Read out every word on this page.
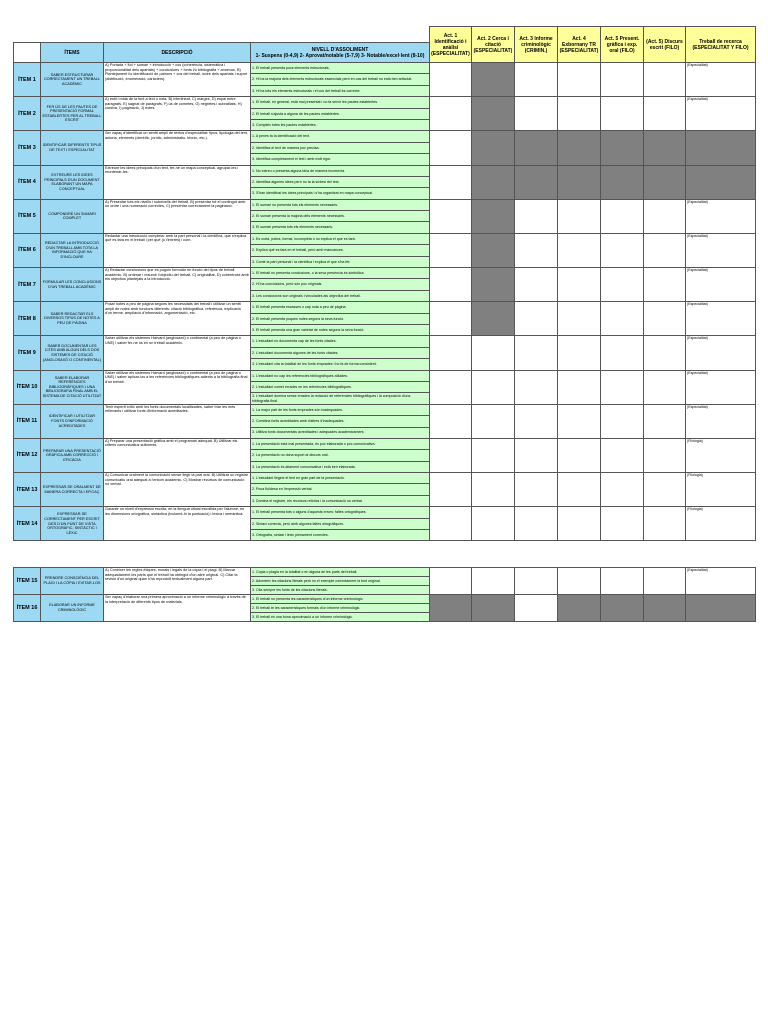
				Act. 1 Identificació i anàlisi (ESPECIALITAT)	Act. 2 Cerca i citació (ESPECIALITAT)	Act. 3 Informe criminològic (CRIMIN.)	Act. 4 Exbornany TR (ESPECIALITAT)	Act. 5 Present. gràfica i exp. oral (FILO)	(Act. 5) Discurs escrit (FILO)	Treball de recerca (ESPECIALITAT Y FILO)
	ÍTEMS	DESCRIPCIÓ	NIVELL D'ASSOLIMENT
1- Suspens (0-4,9) 2- Aprovat/notable (5-7,9) 3- Notable/excel·lent (8-10)							

ÍTEM 1	SABER ESTRUCTURAR CORRECTAMENT UN TREBALL ACADÈMIC	A) Portada + Ítol + sumari + introducció + cos (coherència, sistemàtica i proporcionalitat dels apartats) + conclusions + fonts i/o bibliografia + annexos. B) Plantejament i/o identificació de patrons + cos del treball, ordre dels apartats i suport (distribució, enumeració, caràcters).	1. El treball presenta pocs elements estructurals.							(Especialitat)
			2. Hi ha la majoria dels elements estructurals essencials però en cas del treball no està ben articulat.							
			3. Hi ha tots els elements estructurals i el cos del treball és correcte.							
ÍTEM 2	FER ÚS DE LES PAUTES DE PRESENTACIÓ FORMAL ESTABLERTES PER AL TREBALL ESCRIT	A) estil i mida de la font a text o nota. B) interlineat, C) marges, D) espai entre paràgrafs, E) sagnat de paràgrafs, F) ús de cometes, G) negretes i subratllats, H) cursiva, I) paginació, J) notes.	1. El treball, en general, està mal presentat i no fa servir les pautes establertes.							(Especialitat)
			2. El treball s'ajusta a alguna de les pautes establertes.							
			3. Compleix totes les pautes establertes.							
ÍTEM 3	IDENTIFICAR DIFERENTS TIPUS DE TEXT I ESPECIALITAT	Ser capaç d'identificar un sentit ampli de textos d'especialitat: tipus, tipologia del text, autoria, elements (científic, jurídic, administratiu, tècnic, etc.).	1. A penes fa la identificació del text.							
			2. Identifica el text de manera poc precisa.							
			3. Identifica completament el text i amb molt rigor.							
ÍTEM 4	EXTREURE LES IDEES PRINCIPALS D'UN DOCUMENT ELABORANT UN MAPA CONCEPTUAL	Extreure les idees principals d'un text, fer-ne un mapa conceptual, agrupar-les i reordenar-les.	1. No extreu o presenta alguna idea de manera incorrecta.							
			2. Identifica algunes idees però no fa la síntesi del text.							
			3. S'han identificat les idees principals i s'ha organitzat en mapa conceptual.							
ÍTEM 5	COMPONDRE UN SUMARI COMPLET	A) Presentar tots els nivells i subnivells del treball. B) presentar tot el contingut amb un ordre i una numeració correctes, C) presentar correctament la paginació.	1. El sumari no presenta tots els elements necessaris.							(Especialitat)
			2. El sumari presenta la majoria dels elements necessaris.							
			3. El sumari presenta tots els elements necessaris.							
ÍTEM 6	REDACTAR LA INTRODUCCIÓ D'UN TREBALL AMB TOTA LA INFORMACIÓ QUE HA D'INCLOURE	Redactar una introducció completa: amb la part personal i la científica, que s'explica què es farà en el treball i per què (o l'interès) i com.	1. Es curta, pobra, formal, incompleta o no explica el que es farà.							(Especialitat)
			2. Explica què es farà en el treball, però amb mancances.							
			3. Conté la part personal i la científica i explica el que s'ha fet.							
ÍTEM 7	FORMULAR LES CONCLUSIONS D'UN TREBALL ACADÈMIC	A) Redactar conclusions que es puguin formular en funció del tipus de treball acadèmic. B) ordenar i resumir l'objectiu del treball, C) originalitat, D) coherència amb els objectius plantejats a la introducció.	1. El treball no presenta conclusions, o la seva presència és simbòlica.							(Especialitat)
			2. Hi ha conclusions, però són poc originals.							
			3. Les conclusions son originals i vinculades als objectius del treball.							
ÍTEM 8	SABER REDACTAR ELS DIVERSOS TIPUS DE NOTES A PEU DE PÀGINA	Posar notes a peu de pàgina segons les necessitats del treball i utilitzar un sentit ampli de notes amb funcions diferents: citació bibliogràfica, referència, explicació d'un terme, ampliació d'informació, argumentació, etc.	1. El treball presenta escasses o cap nota a peu de pàgina.							(Especialitat)
			2. El treball presenta poques notes segons la seva funció.							
			3. El treball presenta una gran varietat de notes segons la seva funció.							
ÍTEM 9	SABER DOCUMENTAR LES CITES AMB ALGUN DELS DOS SISTEMES DE CITACIÓ (ANGLOSAXÓ O CONTINENTAL)	Saber utilitzar els sistemes Harvard (anglosaxó) o continental (a peu de pàgina o UNE) i saber fer-ne ús en un treball acadèmic.	1. L'estudiant no documenta cap de les fonts citades.							(Especialitat)
			2. L'estudiant documenta algunes de les fonts citades.							
			3. L'estudiant cita la totalitat de les fonts emprades i ho fa de forma consistent.							
ÍTEM 10	SABER ELABORAR REFERÈNCIES BIBLIOGRÀFIQUES I UNA BIBLIOGRAFIA FINAL AMB EL SISTEMA DE CITACIÓ UTILITZAT	Saber utilitzar els sistemes Harvard (anglosaxó) o continental (a peu de pàgina o UNE) i saber aplicar-los a les referències bibliogràfiques adients a la bibliografia final d'un treball.	1. L'estudiant no cap les referències bibliogràfiques aïllades.							(Especialitat)
			2. L'estudiant comet errades en les referències bibliogràfiques.							
			3. L'estudiant domina sense errades la redacció de referències bibliogràfiques i la composició d'una bibliografia final.							
ÍTEM 11	IDENTIFICAR I UTILITZAR FONTS D'INFORMACIÓ ACREDITADES	Tenir esperit crític amb les fonts documentals localitzades, saber triar les més rellevants i utilitzar fonts d'informació acreditades.	1. La major part de les fonts emprades són inadequades.							(Especialitat)
			2. Combina fonts acreditades amb d'altres d'inadequades.							
			3. Utilitza fonts documentals acreditades i adequades acadèmicament.							
ÍTEM 12	PREPARAR UNA PRESENTACIÓ GRÀFICA AMB CORRECCIÓ I EFICÀCIA	A) Preparar una presentació gràfica amb el programari adequat. B) Utilitzar els criteris comunicatius suficients.	1. La presentació està mal presentada, és poc elaborada o poc comunicativa.							(Filologia)
			2. La presentació no dona suport al discurs oral.							
			3. La presentació és altament comunicativa i està ben elaborada.							
ÍTEM 13	EXPRESSAR-SE ORALMENT DE MANERA CORRECTA I EFICAÇ	A) Comunicar oralment la comunicació sense llegir la part oral. B) Utilitzar un registre comunicatiu oral adequat a l'entorn acadèmic. C) Mostrar recursos de comunicació no verbal.	1. L'estudiant llegeix el text en gran part de la presentació.							(Filologia)
			2. Poca fluïdesa en l'expressió verbal.							
			3. Domina el registre, els recursos retòrics i la comunicació no verbal.							
ÍTEM 14	EXPRESSAR-SE CORRECTAMENT PER ESCRIT DES D'UN PUNT DE VISTA ORTOGRÀFIC, SINTÀCTIC I LÈXIC	Garantir un nivell d'expressió escrita, en la llengua oficial escollida per l'alumne, en les dimensions ortogràfica, sintàctica (incloent-hi la puntuació) i lèxica i semàntica.	1. El treball presenta tots o alguns d'aquests errors: faltes ortogràfiques.							(Filologia)
			2. Sintaxi correcta, però amb algunes faltes ortogràfiques.							
			3. Ortografia, sintaxi i lèxic plenament correctes.							
ÍTEM 15	PRENDRE CONSCIÈNCIA DEL PLAGI I LA CÒPIA I EVITAR-LOS	A) Conèixer les regles ètiques, morals i legals de la còpia i el plagi. B) Marcar adequadament les parts que el treball ha obtingut d'un altre original. C) Citar la revisió d'un original quan s'ha reproduït textualment alguna part.	1. Copia o plagia en la totalitat o en alguna de les parts del treball.							(Especialitat)
			2. Adverteix les citacions literals però no el exemple correctament la font original.							
			3. Cita sempre les fonts de les citacions literals.							
ÍTEM 16	ELABORAR UN INFORME CRIMINOLÒGIC	Ser capaç d'elaborar una primera aproximació a un informe criminològic a través de la interpretació de diferents tipus de materials.	1. El treball no presenta les característiques d'un informe criminològic.							
			2. El treball té les característiques formals d'un informe criminològic.							
			3. El treball és una bona aproximació a un informe criminològic.							
